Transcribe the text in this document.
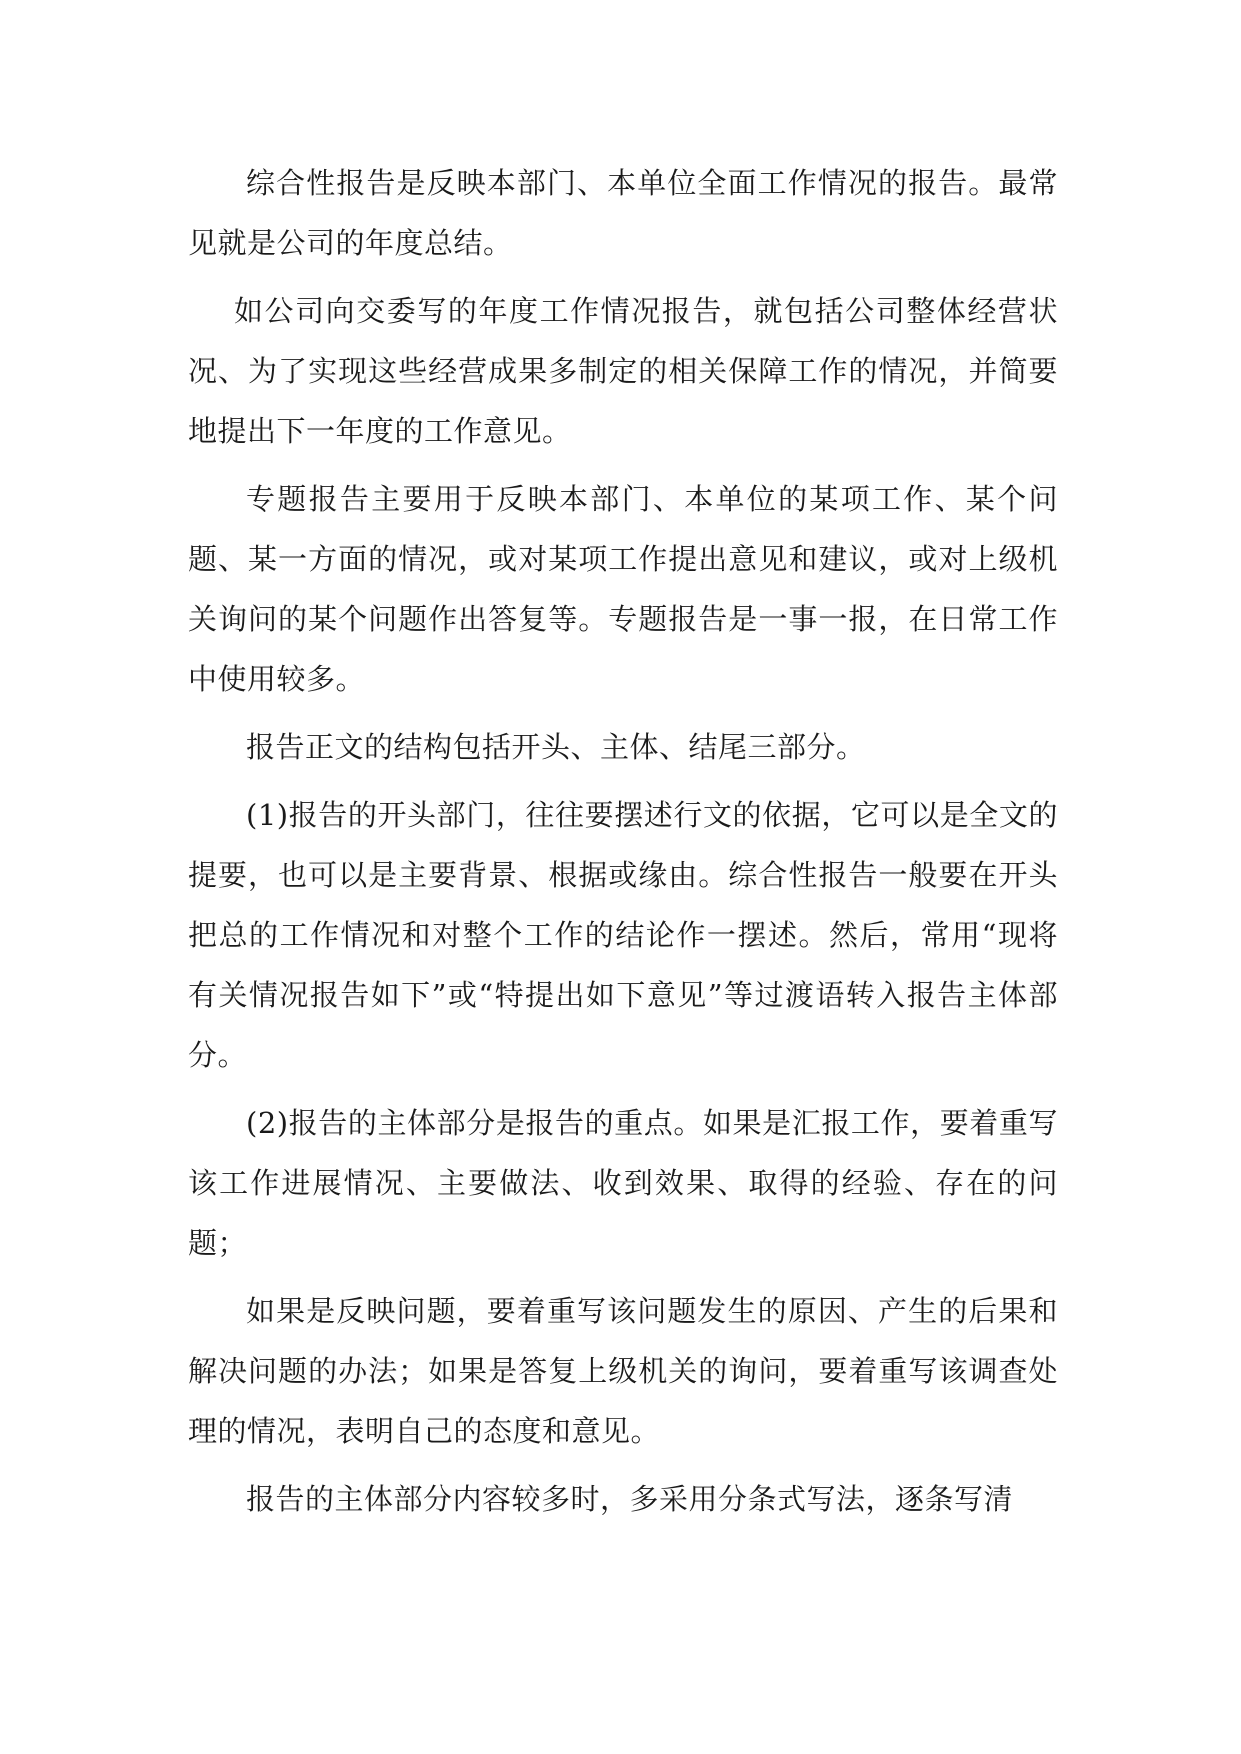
综合性报告是反映本部门、本单位全面工作情况的报告。最常见就是公司的年度总结。

如公司向交委写的年度工作情况报告，就包括公司整体经营状况、为了实现这些经营成果多制定的相关保障工作的情况，并简要地提出下一年度的工作意见。

专题报告主要用于反映本部门、本单位的某项工作、某个问题、某一方面的情况，或对某项工作提出意见和建议，或对上级机关询问的某个问题作出答复等。专题报告是一事一报，在日常工作中使用较多。

报告正文的结构包括开头、主体、结尾三部分。

(1)报告的开头部门，往往要摆述行文的依据，它可以是全文的提要，也可以是主要背景、根据或缘由。综合性报告一般要在开头把总的工作情况和对整个工作的结论作一摆述。然后，常用“现将有关情况报告如下”或“特提出如下意见”等过渡语转入报告主体部分。

(2)报告的主体部分是报告的重点。如果是汇报工作，要着重写该工作进展情况、主要做法、收到效果、取得的经验、存在的问题；

如果是反映问题，要着重写该问题发生的原因、产生的后果和解决问题的办法；如果是答复上级机关的询问，要着重写该调查处理的情况，表明自己的态度和意见。

报告的主体部分内容较多时，多采用分条式写法，逐条写清
